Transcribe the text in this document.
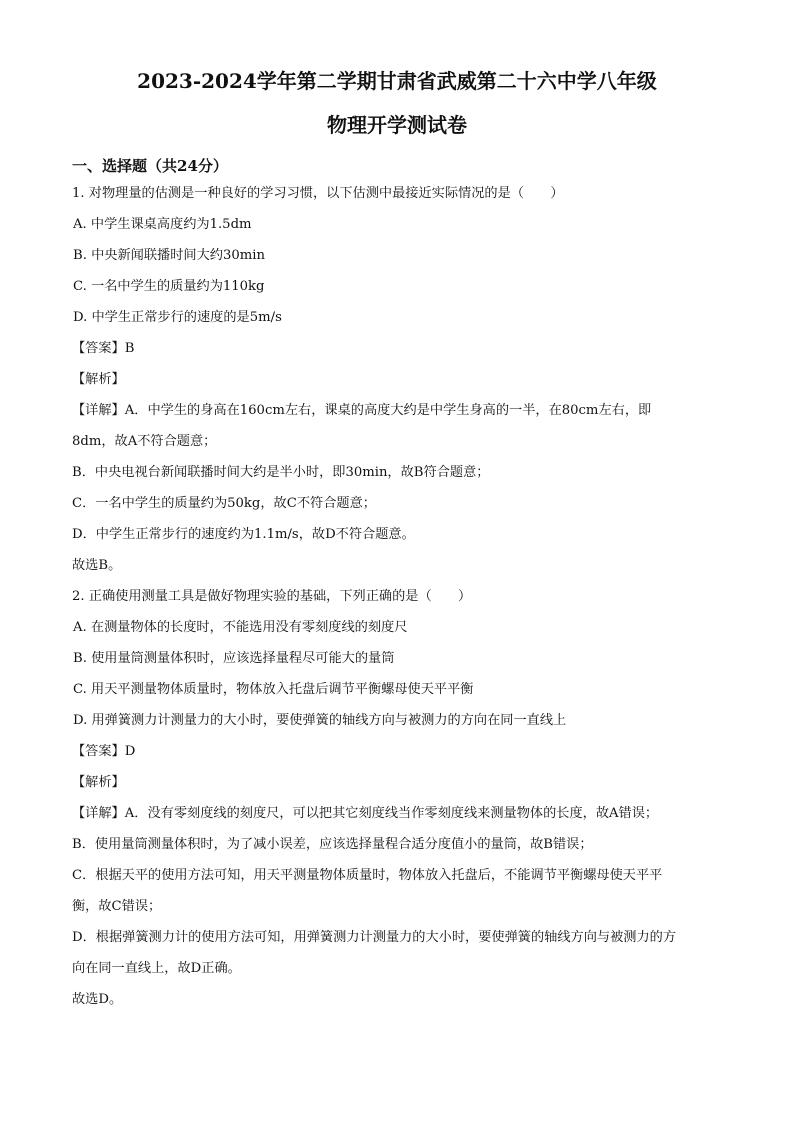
2023-2024学年第二学期甘肃省武威第二十六中学八年级
物理开学测试卷
一、选择题（共24分）
1. 对物理量的估测是一种良好的学习习惯，以下估测中最接近实际情况的是（　　）
A. 中学生课桌高度约为1.5dm
B. 中央新闻联播时间大约30min
C. 一名中学生的质量约为110kg
D. 中学生正常步行的速度的是5m/s
【答案】B
【解析】
【详解】A．中学生的身高在160cm左右，课桌的高度大约是中学生身高的一半，在80cm左右，即
8dm，故A不符合题意；
B．中央电视台新闻联播时间大约是半小时，即30min，故B符合题意；
C．一名中学生的质量约为50kg，故C不符合题意；
D．中学生正常步行的速度约为1.1m/s，故D不符合题意。
故选B。
2. 正确使用测量工具是做好物理实验的基础，下列正确的是（　　）
A. 在测量物体的长度时，不能选用没有零刻度线的刻度尺
B. 使用量筒测量体积时，应该选择量程尽可能大的量筒
C. 用天平测量物体质量时，物体放入托盘后调节平衡螺母使天平平衡
D. 用弹簧测力计测量力的大小时，要使弹簧的轴线方向与被测力的方向在同一直线上
【答案】D
【解析】
【详解】A．没有零刻度线的刻度尺，可以把其它刻度线当作零刻度线来测量物体的长度，故A错误；
B．使用量筒测量体积时，为了减小误差，应该选择量程合适分度值小的量筒，故B错误；
C．根据天平的使用方法可知，用天平测量物体质量时，物体放入托盘后，不能调节平衡螺母使天平平
衡，故C错误；
D．根据弹簧测力计的使用方法可知，用弹簧测力计测量力的大小时，要使弹簧的轴线方向与被测力的方
向在同一直线上，故D正确。
故选D。
